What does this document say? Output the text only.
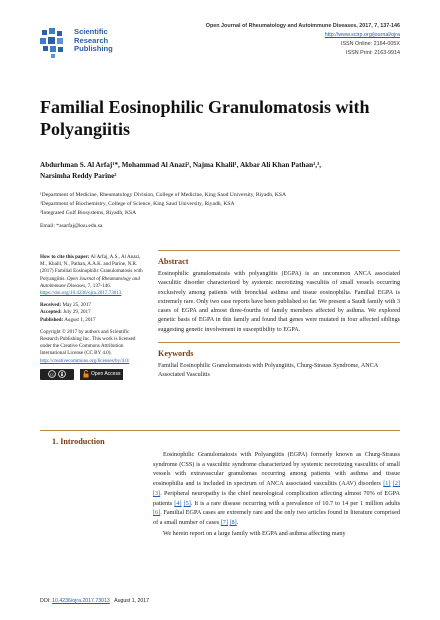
Scientific
Research
Publishing
Open Journal of Rheumatology and Autoimmune Diseases, 2017, 7, 137-146
http://www.scirp.org/journal/ojra
ISSN Online: 2164-005X
ISSN Print: 2163-9914
Familial Eosinophilic Granulomatosis with Polyangiitis
Abdurhman S. Al Arfaj¹*, Mohammad Al Anazi², Najma Khalil¹, Akbar Ali Khan Pathan²,³,
Narsimha Reddy Parine²
¹Department of Medicine, Rheumatology Division, College of Medicine, King Saud University, Riyadh, KSA
²Department of Biochemistry, College of Science, King Saud University, Riyadh, KSA
³Integrated Gulf Biosystems, Riyadh, KSA
Email: *asarfaj@ksu.edu.sa
How to cite this paper: Al Arfaj, A.S., Al Anazi, M., Khalil, N., Pathan, A.A.K. and Parine, N.R. (2017) Familial Eosinophilic Granulomatosis with Polyangiitis. Open Journal of Rheumatology and Autoimmune Diseases, 7, 137-146.
https://doi.org/10.4236/ojra.2017.73013
Received: May 25, 2017
Accepted: July 29, 2017
Published: August 1, 2017
Copyright © 2017 by authors and Scientific Research Publishing Inc. This work is licensed under the Creative Commons Attribution International License (CC BY 4.0).
http://creativecommons.org/licenses/by/4.0/
cc	Open Access
Abstract
Eosinophilic granulomatosis with polyangiitis (EGPA) is an uncommon ANCA associated vasculitic disorder characterized by systemic necrotizing vasculitis of small vessels occurring exclusively among patients with bronchial asthma and tissue eosinophilia. Familial EGPA is extremely rare. Only two case reports have been published so far. We present a Saudi family with 3 cases of EGPA and almost three-fourths of family members affected by asthma. We explored genetic basis of EGPA in this family and found that genes were mutated in four affected siblings suggesting genetic involvement in susceptibility to EGPA.
Keywords
Familial Eosinophilic Granulomatosis with Polyangiitis, Churg-Strauss Syndrome, ANCA Associated Vasculitis
1. Introduction

Eosinophilic Granulomatosis with Polyangiitis (EGPA) formerly known as Churg-Strauss syndrome (CSS) is a vasculitic syndrome characterized by systemic necrotizing vasculitis of small vessels with extravascular granulomas occurring among patients with asthma and tissue eosinophilia and is included in spectrum of ANCA associated vasculitis (AAV) disorders [1] [2] [3]. Peripheral neuropathy is the chief neurological complication affecting almost 70% of EGPA patients [4] [5]. It is a rare disease occurring with a prevalence of 10.7 to 14 per 1 million adults [6]. Familial EGPA cases are extremely rare and the only two articles found in literature comprised of a small number of cases [7] [8].

We herein report on a large family with EGPA and asthma affecting many

DOI: 10.4236/ojra.2017.73013 August 1, 2017
